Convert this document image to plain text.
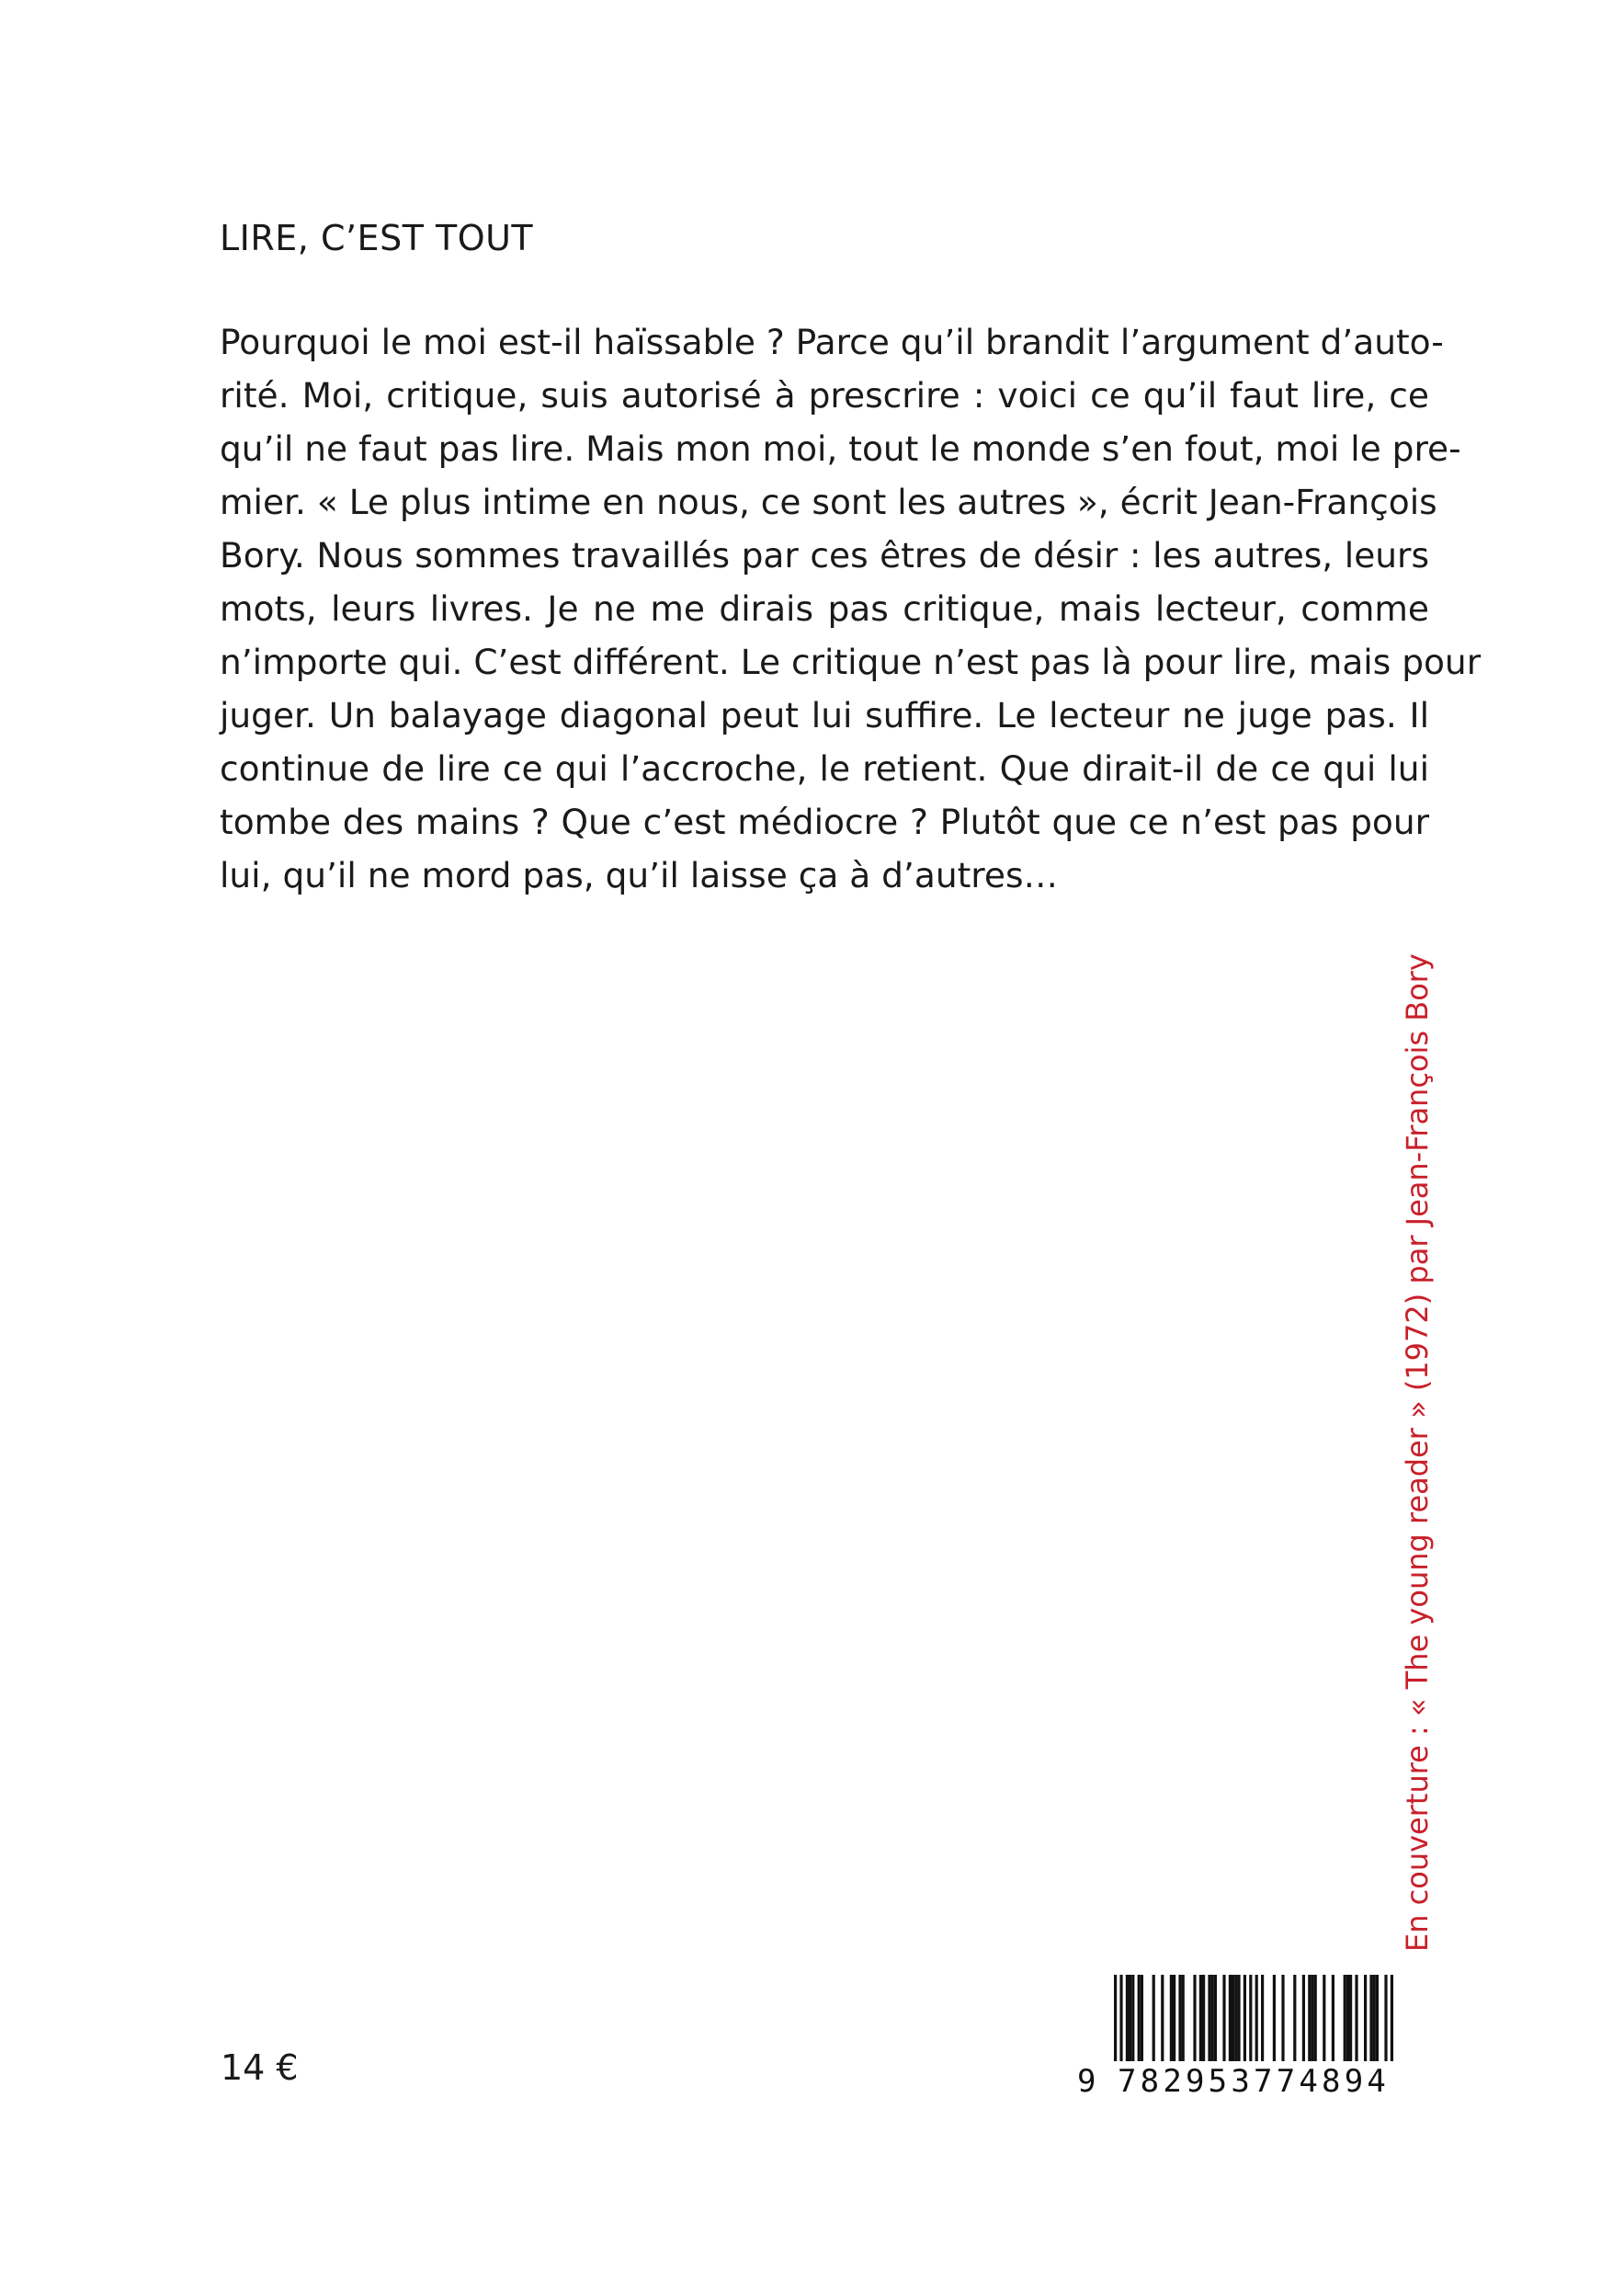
LIRE, C’EST TOUT

Pourquoi le moi est-il haïssable ? Parce qu’il brandit l’argument d’auto-
rité. Moi, critique, suis autorisé à prescrire : voici ce qu’il faut lire, ce
qu’il ne faut pas lire. Mais mon moi, tout le monde s’en fout, moi le pre-
mier. « Le plus intime en nous, ce sont les autres », écrit Jean-François
Bory. Nous sommes travaillés par ces êtres de désir : les autres, leurs
mots, leurs livres. Je ne me dirais pas critique, mais lecteur, comme
n’importe qui. C’est différent. Le critique n’est pas là pour lire, mais pour
juger. Un balayage diagonal peut lui suffire. Le lecteur ne juge pas. Il
continue de lire ce qui l’accroche, le retient. Que dirait-il de ce qui lui
tombe des mains ? Que c’est médiocre ? Plutôt que ce n’est pas pour
lui, qu’il ne mord pas, qu’il laisse ça à d’autres…

En couverture : « The young reader » (1972) par Jean-François Bory
14 €	9 782953774894
